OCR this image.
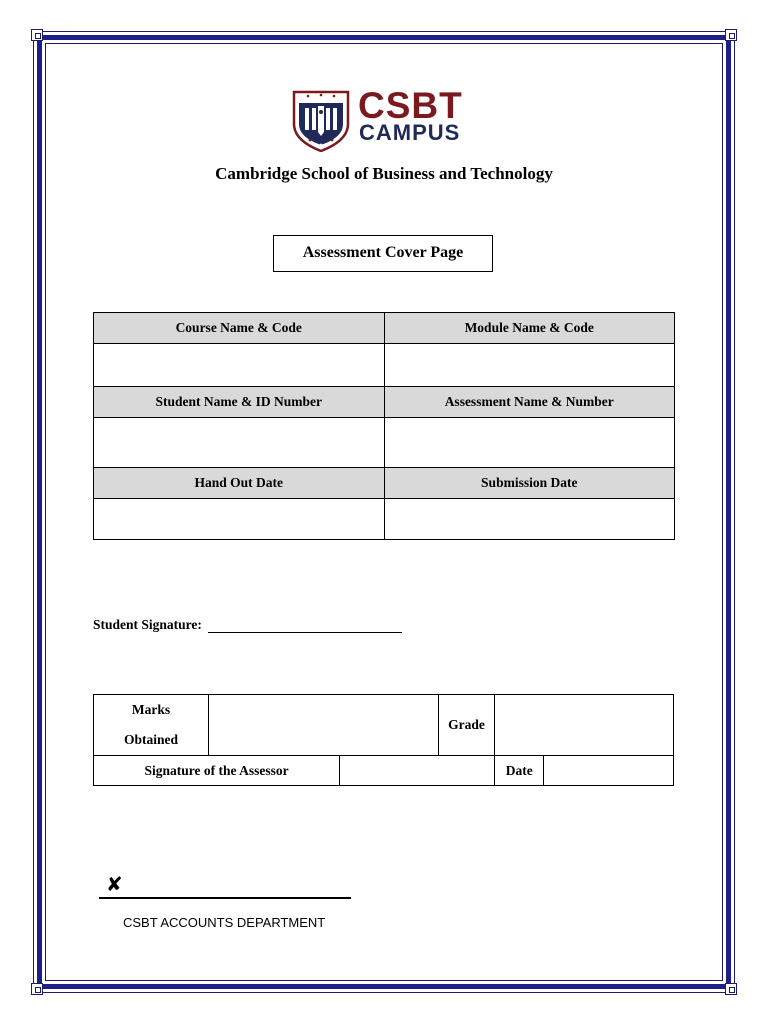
CSBT
CAMPUS
Cambridge School of Business and Technology
Assessment Cover Page
Course Name & Code	Module Name & Code

Student Name & ID Number	Assessment Name & Number

Hand Out Date	Submission Date

Student Signature:
Marks
Obtained			Grade		
Signature of the Assessor				Date	
✘
CSBT ACCOUNTS DEPARTMENT
